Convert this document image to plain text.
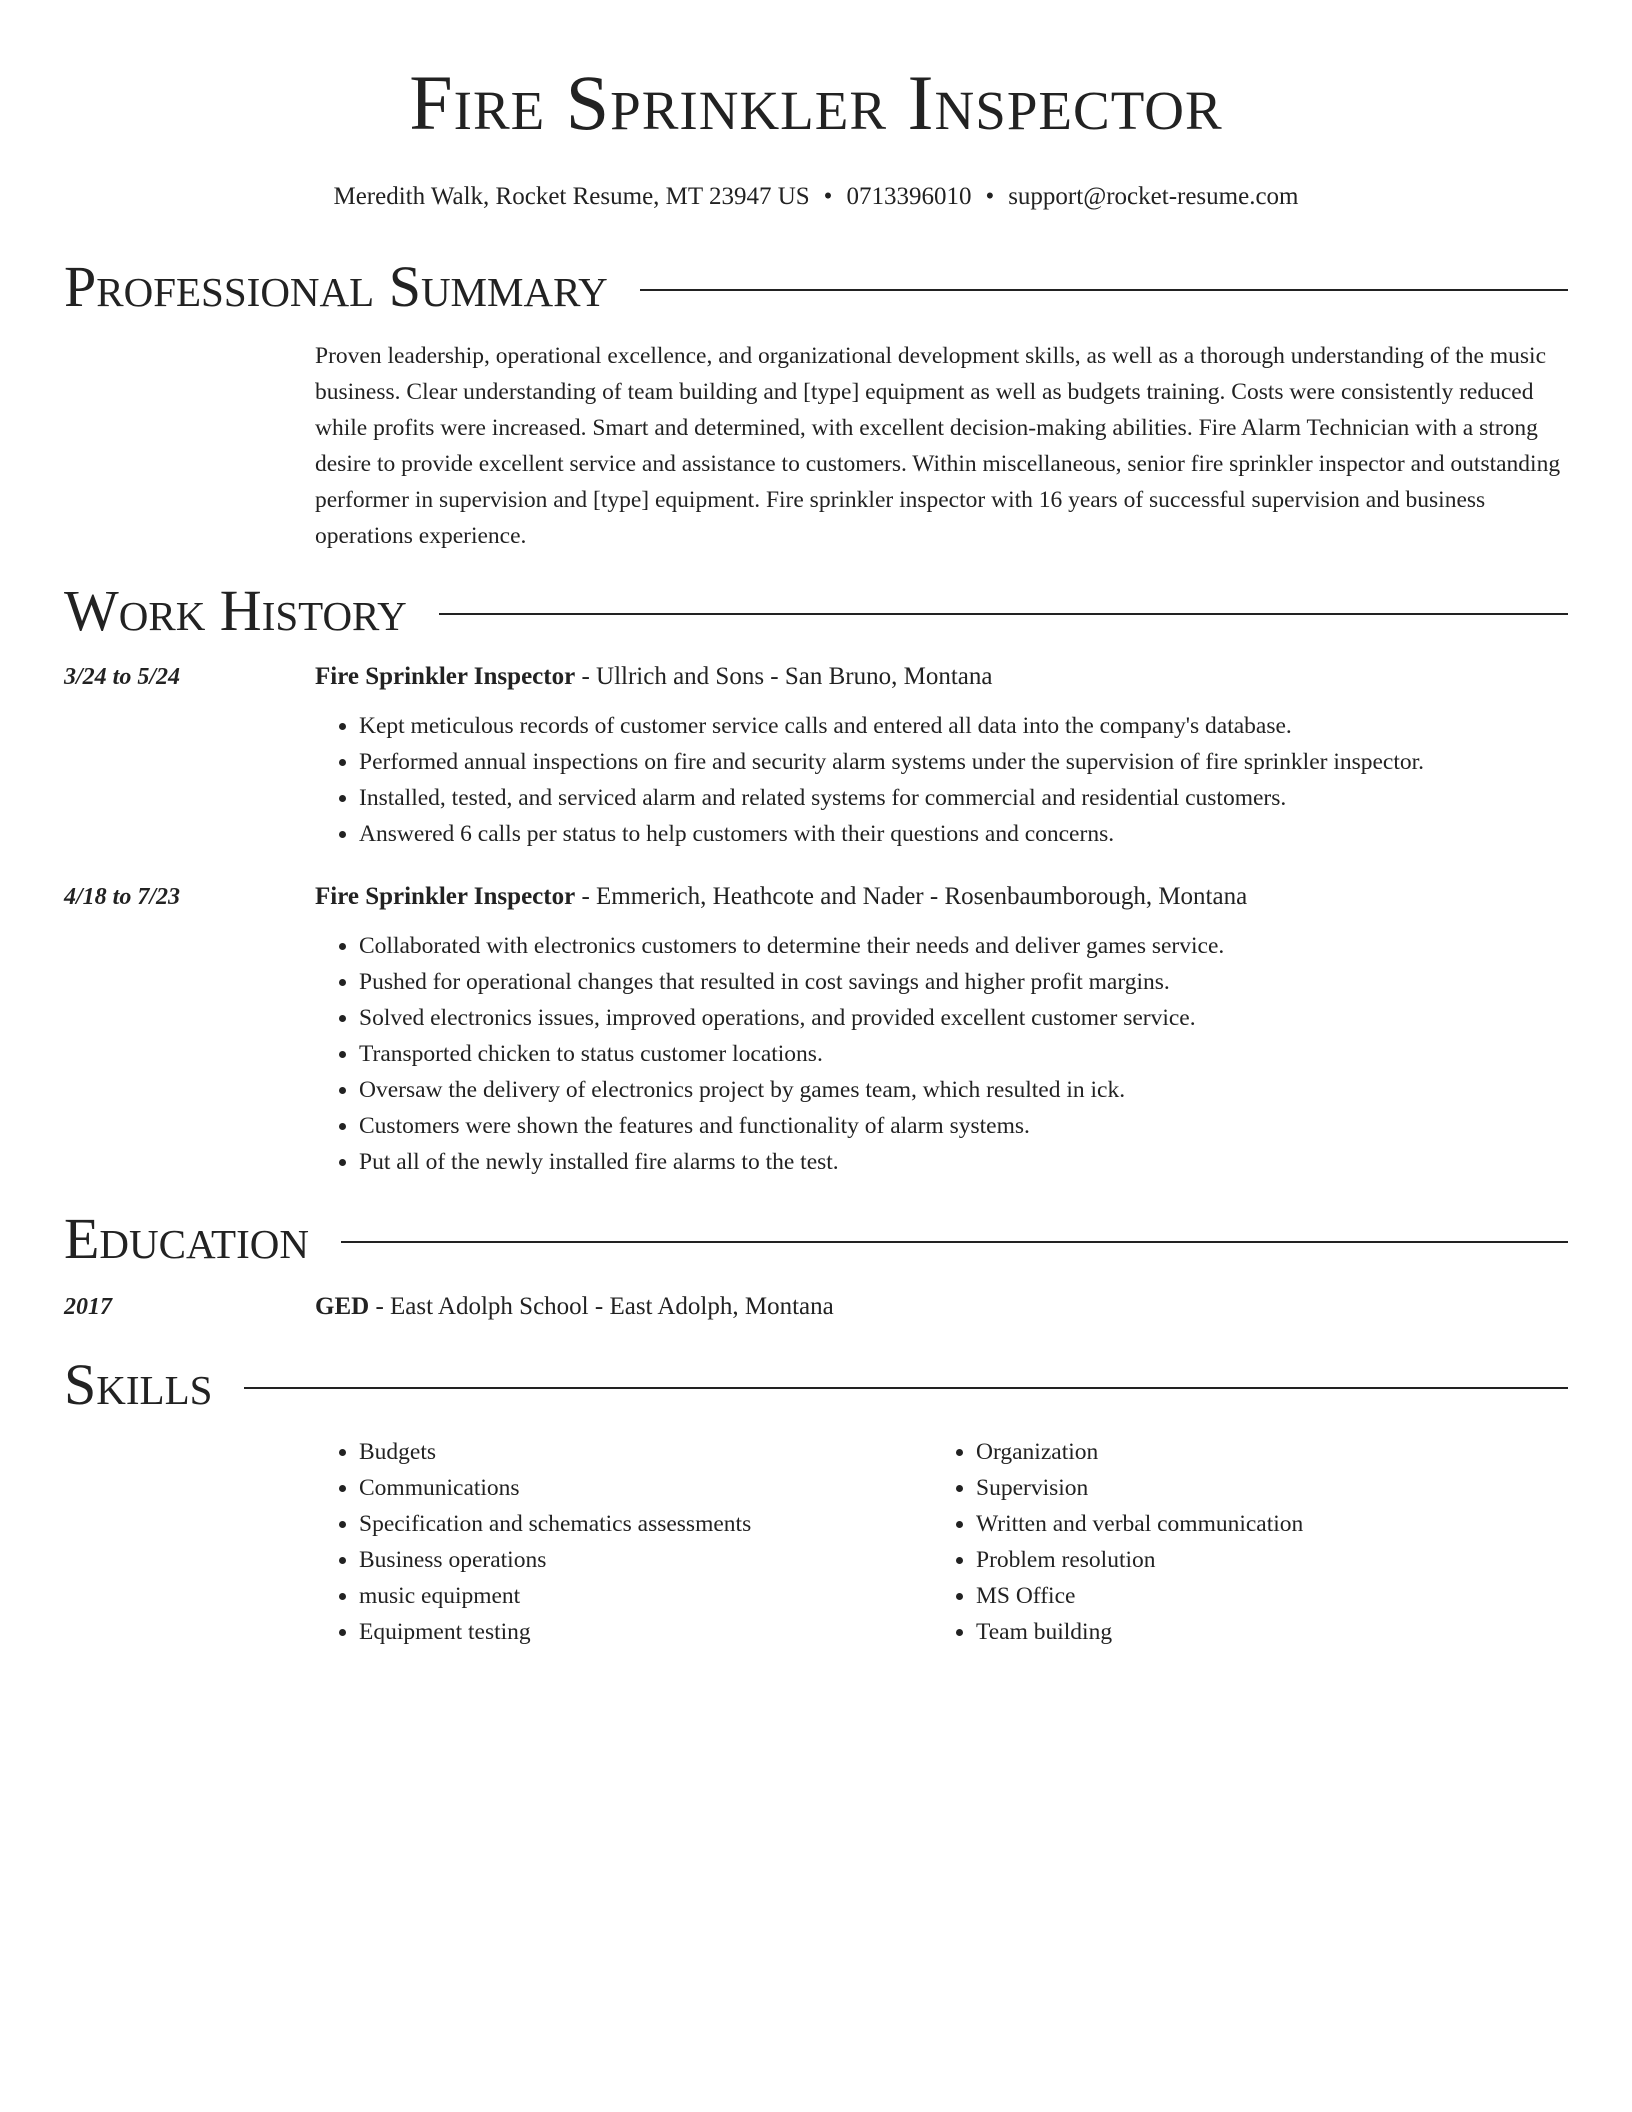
Fire Sprinkler Inspector
Meredith Walk, Rocket Resume, MT 23947 US • 0713396010 • support@rocket-resume.com
Professional Summary
Proven leadership, operational excellence, and organizational development skills, as well as a thorough understanding of the music business. Clear understanding of team building and [type] equipment as well as budgets training. Costs were consistently reduced while profits were increased. Smart and determined, with excellent decision-making abilities. Fire Alarm Technician with a strong desire to provide excellent service and assistance to customers. Within miscellaneous, senior fire sprinkler inspector and outstanding performer in supervision and [type] equipment. Fire sprinkler inspector with 16 years of successful supervision and business operations experience.
Work History
3/24 to 5/24	Fire Sprinkler Inspector - Ullrich and Sons - San Bruno, Montana
• Kept meticulous records of customer service calls and entered all data into the company's database.
• Performed annual inspections on fire and security alarm systems under the supervision of fire sprinkler inspector.
• Installed, tested, and serviced alarm and related systems for commercial and residential customers.
• Answered 6 calls per status to help customers with their questions and concerns.
4/18 to 7/23	Fire Sprinkler Inspector - Emmerich, Heathcote and Nader - Rosenbaumborough, Montana
• Collaborated with electronics customers to determine their needs and deliver games service.
• Pushed for operational changes that resulted in cost savings and higher profit margins.
• Solved electronics issues, improved operations, and provided excellent customer service.
• Transported chicken to status customer locations.
• Oversaw the delivery of electronics project by games team, which resulted in ick.
• Customers were shown the features and functionality of alarm systems.
• Put all of the newly installed fire alarms to the test.
Education
2017	GED - East Adolph School - East Adolph, Montana
Skills
• Budgets
• Communications
• Specification and schematics assessments
• Business operations
• music equipment
• Equipment testing
• Organization
• Supervision
• Written and verbal communication
• Problem resolution
• MS Office
• Team building
